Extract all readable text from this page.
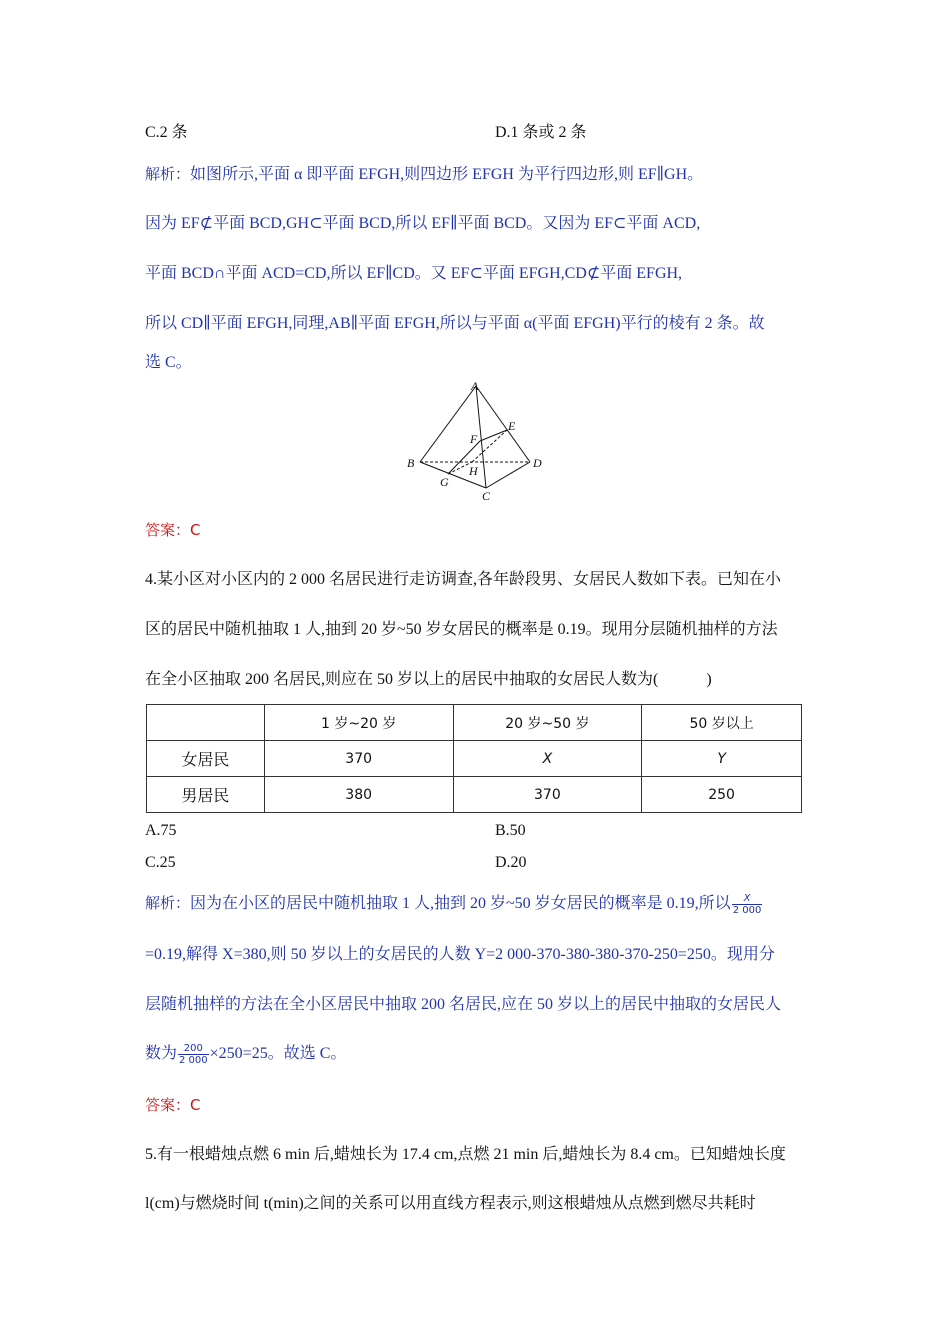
·
C.2 条	D.1 条或 2 条
解析：如图所示,平面 α 即平面 EFGH,则四边形 EFGH 为平行四边形,则 EF∥GH。
因为 EF⊄平面 BCD,GH⊂平面 BCD,所以 EF∥平面 BCD。又因为 EF⊂平面 ACD,
平面 BCD∩平面 ACD=CD,所以 EF∥CD。又 EF⊂平面 EFGH,CD⊄平面 EFGH,
所以 CD∥平面 EFGH,同理,AB∥平面 EFGH,所以与平面 α(平面 EFGH)平行的棱有 2 条。故
选 C。
A
B
C
D
E
F
G
H
答案：C
4.某小区对小区内的 2 000 名居民进行走访调查,各年龄段男、女居民人数如下表。已知在小
区的居民中随机抽取 1 人,抽到 20 岁~50 岁女居民的概率是 0.19。现用分层随机抽样的方法
在全小区抽取 200 名居民,则应在 50 岁以上的居民中抽取的女居民人数为(　　　)
	1 岁~20 岁	20 岁~50 岁	50 岁以上
女居民	370	X	Y
男居民	380	370	250
A.75	B.50
C.25	D.20
解析：因为在小区的居民中随机抽取 1 人,抽到 20 岁~50 岁女居民的概率是 0.19,所以 $\frac{X}{2 000}$
=0.19,解得 X=380,则 50 岁以上的女居民的人数 Y=2 000-370-380-380-370-250=250。现用分
层随机抽样的方法在全小区居民中抽取 200 名居民,应在 50 岁以上的居民中抽取的女居民人
数为 $\frac{200}{2 000} \times 250=25$。故选 C。
答案：C
5.有一根蜡烛点燃 6 min 后,蜡烛长为 17.4 cm,点燃 21 min 后,蜡烛长为 8.4 cm。已知蜡烛长度
l(cm)与燃烧时间 t(min)之间的关系可以用直线方程表示,则这根蜡烛从点燃到燃尽共耗时
